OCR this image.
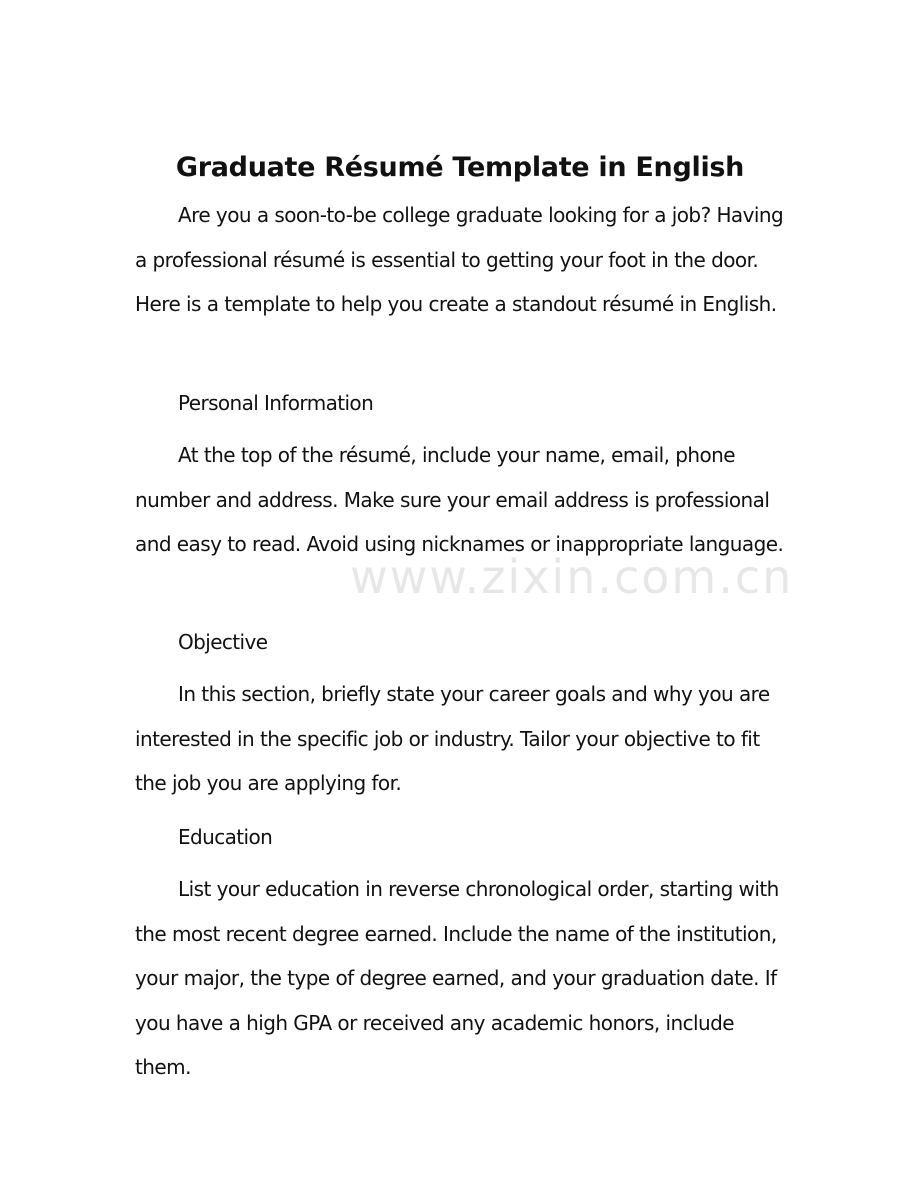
Graduate Résumé Template in English

Are you a soon-to-be college graduate looking for a job? Having a professional résumé is essential to getting your foot in the door. Here is a template to help you create a standout résumé in English.

Personal Information

At the top of the résumé, include your name, email, phone number and address. Make sure your email address is professional and easy to read. Avoid using nicknames or inappropriate language.

Objective

In this section, briefly state your career goals and why you are interested in the specific job or industry. Tailor your objective to fit the job you are applying for.

Education

List your education in reverse chronological order, starting with the most recent degree earned. Include the name of the institution, your major, the type of degree earned, and your graduation date. If you have a high GPA or received any academic honors, include them.

www.zixin.com.cn
